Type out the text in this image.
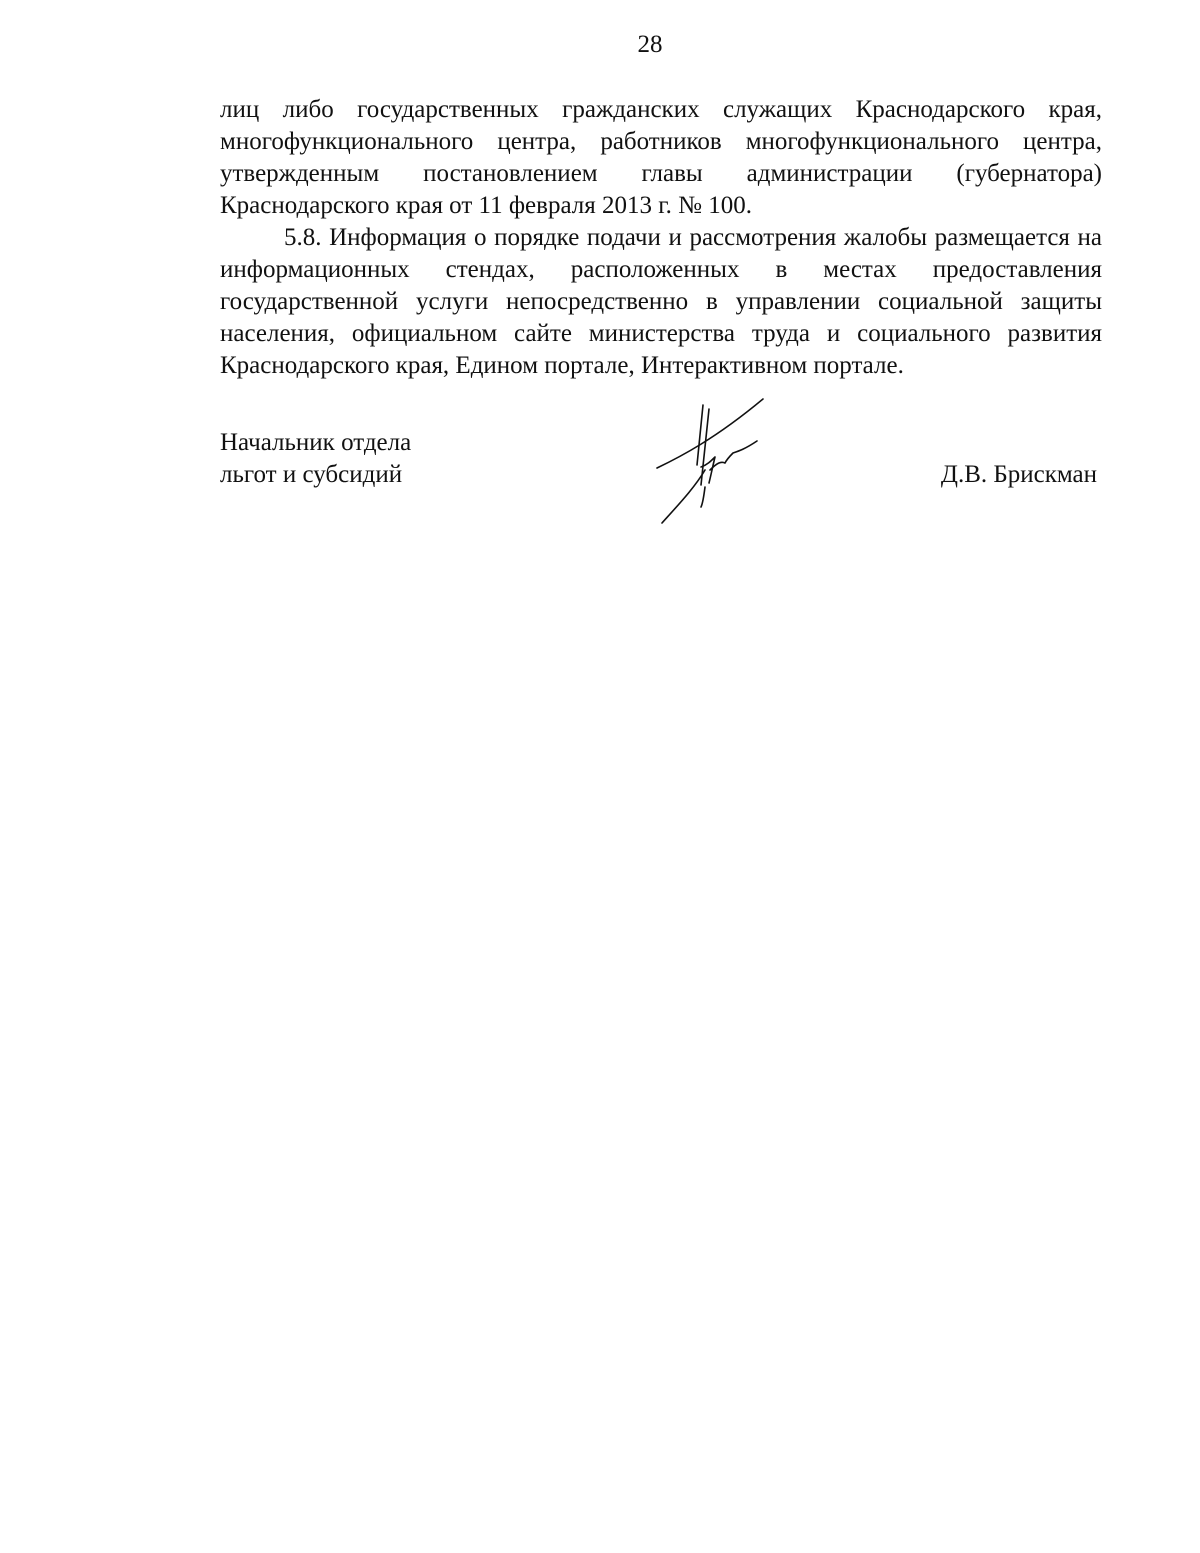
28

лиц либо государственных гражданских служащих Краснодарского края, многофункционального центра, работников многофункционального центра, утвержденным постановлением главы администрации (губернатора) Краснодарского края от 11 февраля 2013 г. № 100.

5.8. Информация о порядке подачи и рассмотрения жалобы размещается на информационных стендах, расположенных в местах предоставления государственной услуги непосредственно в управлении социальной защиты населения, официальном сайте министерства труда и социального развития Краснодарского края, Едином портале, Интерактивном портале.

Начальник отдела
льгот и субсидий	Д.В. Брискман
